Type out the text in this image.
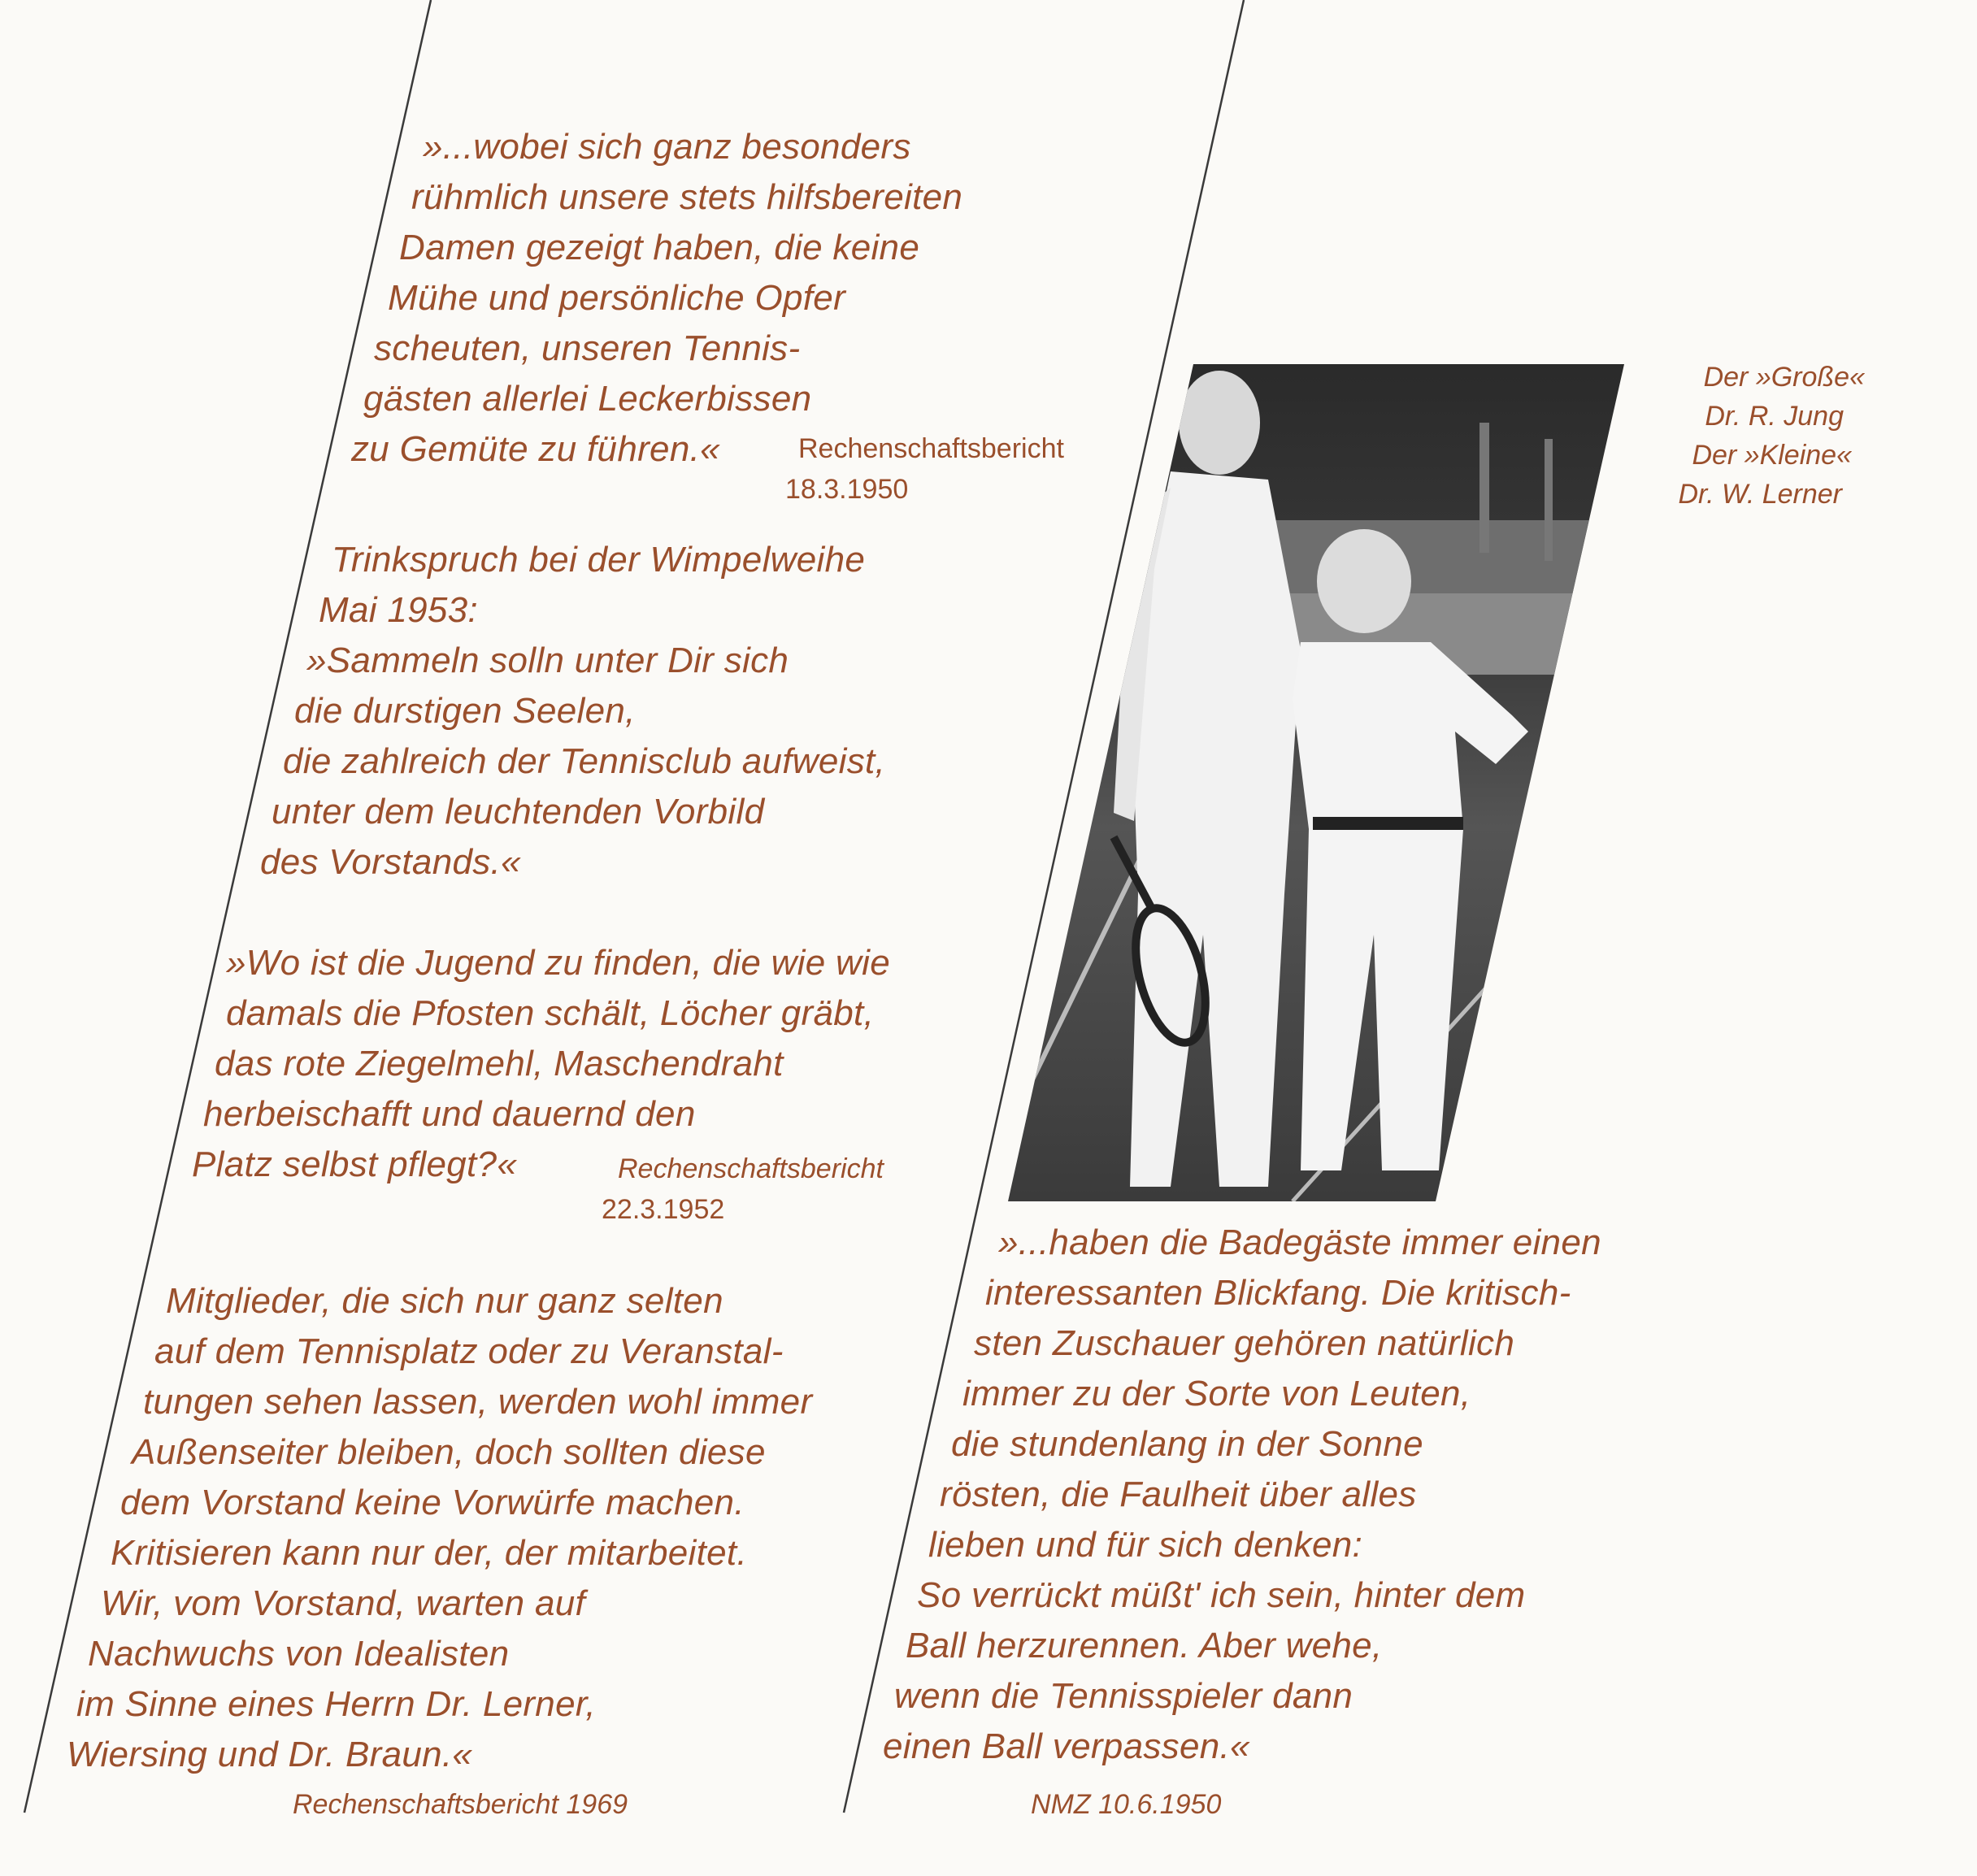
»...wobei sich ganz besonders
rühmlich unsere stets hilfsbereiten
Damen gezeigt haben, die keine
Mühe und persönliche Opfer
scheuten, unseren Tennis-
gästen allerlei Leckerbissen
zu Gemüte zu führen.«	Rechenschaftsbericht

18.3.1950

Trinkspruch bei der Wimpelweihe
Mai 1953:
»Sammeln solln unter Dir sich
die durstigen Seelen,
die zahlreich der Tennisclub aufweist,
unter dem leuchtenden Vorbild
des Vorstands.«
»Wo ist die Jugend zu finden, die wie wie
damals die Pfosten schält, Löcher gräbt,
das rote Ziegelmehl, Maschendraht
herbeischafft und dauernd den
Platz selbst pflegt?«	Rechenschaftsbericht

22.3.1952

Mitglieder, die sich nur ganz selten
auf dem Tennisplatz oder zu Veranstal-
tungen sehen lassen, werden wohl immer
Außenseiter bleiben, doch sollten diese
dem Vorstand keine Vorwürfe machen.
Kritisieren kann nur der, der mitarbeitet.
Wir, vom Vorstand, warten auf
Nachwuchs von Idealisten
im Sinne eines Herrn Dr. Lerner,
Wiersing und Dr. Braun.«

Rechenschaftsbericht 1969

»...haben die Badegäste immer einen
interessanten Blickfang. Die kritisch-
sten Zuschauer gehören natürlich
immer zu der Sorte von Leuten,
die stundenlang in der Sonne
rösten, die Faulheit über alles
lieben und für sich denken:
So verrückt müßt' ich sein, hinter dem
Ball herzurennen. Aber wehe,
wenn die Tennisspieler dann
einen Ball verpassen.«

NMZ 10.6.1950

Der »Große«
Dr. R. Jung
Der »Kleine«
Dr. W. Lerner
